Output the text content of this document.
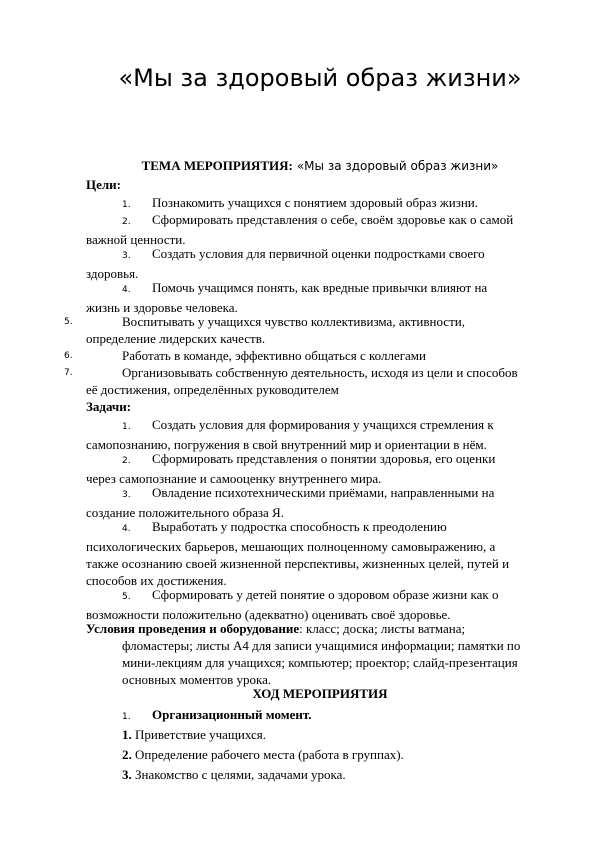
«Мы за здоровый образ жизни»
ТЕМА МЕРОПРИЯТИЯ: «Мы за здоровый образ жизни»
Цели:
1. Познакомить учащихся с понятием здоровый образ жизни.
2. Сформировать представления о себе, своём здоровье как о самой
важной ценности.
3. Создать условия для первичной оценки подростками своего
здоровья.
4. Помочь учащимся понять, как вредные привычки влияют на
жизнь и здоровье человека.
5.	Воспитывать у учащихся чувство коллективизма, активности,
определение лидерских качеств.
6.	Работать в команде, эффективно общаться с коллегами
7.	Организовывать собственную деятельность, исходя из цели и способов
её достижения, определённых руководителем
Задачи:
1. Создать условия для формирования у учащихся стремления к
самопознанию, погружения в свой внутренний мир и ориентации в нём.
2. Сформировать представления о понятии здоровья, его оценки
через самопознание и самооценку внутреннего мира.
3. Овладение психотехническими приёмами, направленными на
создание положительного образа Я.
4. Выработать у подростка способность к преодолению
психологических барьеров, мешающих полноценному самовыражению, а
также осознанию своей жизненной перспективы, жизненных целей, путей и
способов их достижения.
5. Сформировать у детей понятие о здоровом образе жизни как о
возможности положительно (адекватно) оценивать своё здоровье.
Условия проведения и оборудование: класс; доска; листы ватмана;
фломастеры; листы А4 для записи учащимися информации; памятки по
мини-лекциям для учащихся; компьютер; проектор; слайд-презентация
основных моментов урока.
ХОД МЕРОПРИЯТИЯ
1. Организационный момент.
1. Приветствие учащихся.
2. Определение рабочего места (работа в группах).
3. Знакомство с целями, задачами урока.
